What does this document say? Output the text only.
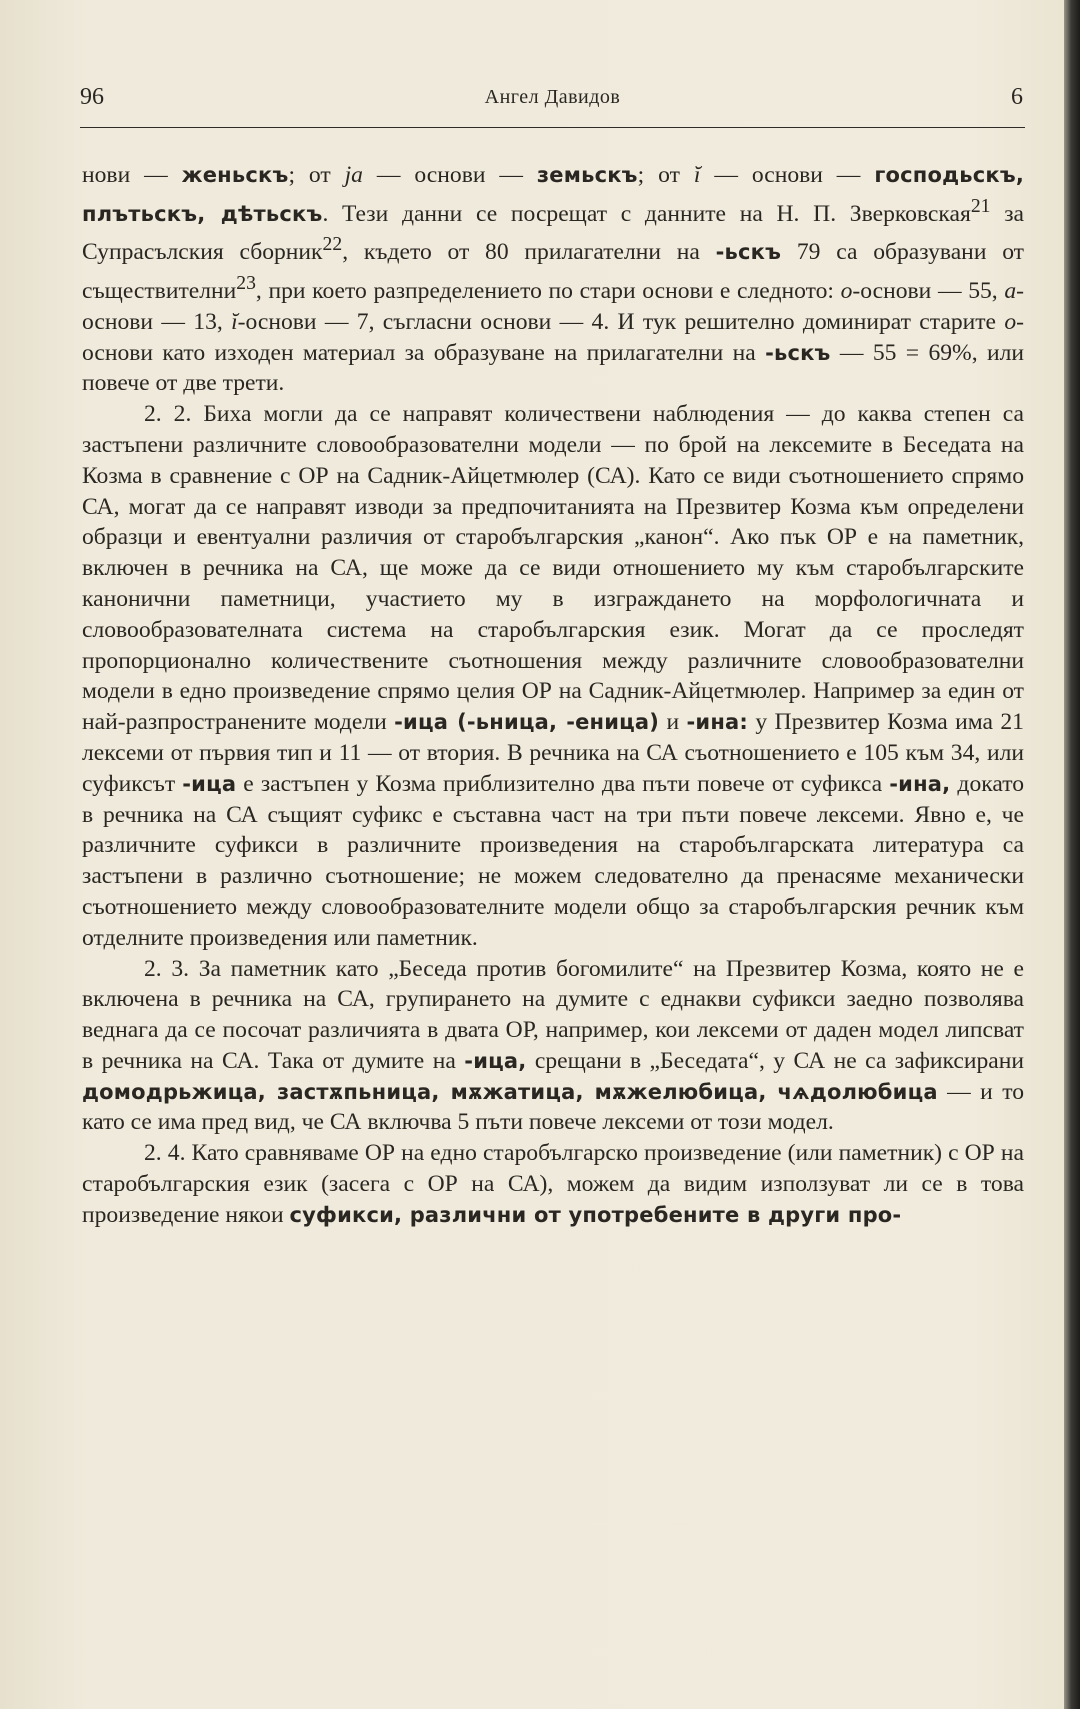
96	Ангел Давидов	6

нови — женьскъ; от ja — основи — земьскъ; от ĭ — основи — господьскъ, плътьскъ, дѣтьскъ. Тези данни се посрещат с данните на Н. П. Зверковская$^{21}$ за Супрасълския сборник$^{22}$, където от 80 прилагателни на -ьскъ 79 са образувани от съществителни$^{23}$, при което разпределението по стари основи е следното: о-основи — 55, а-основи — 13, ĭ-основи — 7, съгласни основи — 4. И тук решително доминират старите о-основи като изходен материал за образуване на прилагателни на -ьскъ — 55 = 69%, или повече от две трети.

2. 2. Биха могли да се направят количествени наблюдения — до каква степен са застъпени различните словообразователни модели — по брой на лексемите в Беседата на Козма в сравнение с ОР на Садник-Айцетмюлер (СА). Като се види съотношението спрямо СА, могат да се направят изводи за предпочитанията на Презвитер Козма към определени образци и евентуални различия от старобългарския „канон“. Ако пък ОР е на паметник, включен в речника на СА, ще може да се види отношението му към старобългарските канонични паметници, участието му в изграждането на морфологичната и словообразователната система на старобългарския език. Могат да се проследят пропорционално количествените съотношения между различните словообразователни модели в едно произведение спрямо целия ОР на Садник-Айцетмюлер. Например за един от най-разпространените модели -ица (-ьница, -еница) и -ина: у Презвитер Козма има 21 лексеми от първия тип и 11 — от втория. В речника на СА съотношението е 105 към 34, или суфиксът -ица е застъпен у Козма приблизително два пъти повече от суфикса -ина, докато в речника на СА същият суфикс е съставна част на три пъти повече лексеми. Явно е, че различните суфикси в различните произведения на старобългарската литература са застъпени в различно съотношение; не можем следователно да пренасяме механически съотношението между словообразователните модели общо за старобългарския речник към отделните произведения или паметник.

2. 3. За паметник като „Беседа против богомилите“ на Презвитер Козма, която не е включена в речника на СА, групирането на думите с еднакви суфикси заедно позволява веднага да се посочат различията в двата ОР, например, кои лексеми от даден модел липсват в речника на СА. Така от думите на -ица, срещани в „Беседата“, у СА не са зафиксирани домодрьжица, застѫпьница, мѫжатица, мѫжелюбица, чѧдолюбица — и то като се има пред вид, че СА включва 5 пъти повече лексеми от този модел.

2. 4. Като сравняваме ОР на едно старобългарско произведение (или паметник) с ОР на старобългарския език (засега с ОР на СА), можем да видим използуват ли се в това произведение някои суфикси, различни от употребените в други про-
